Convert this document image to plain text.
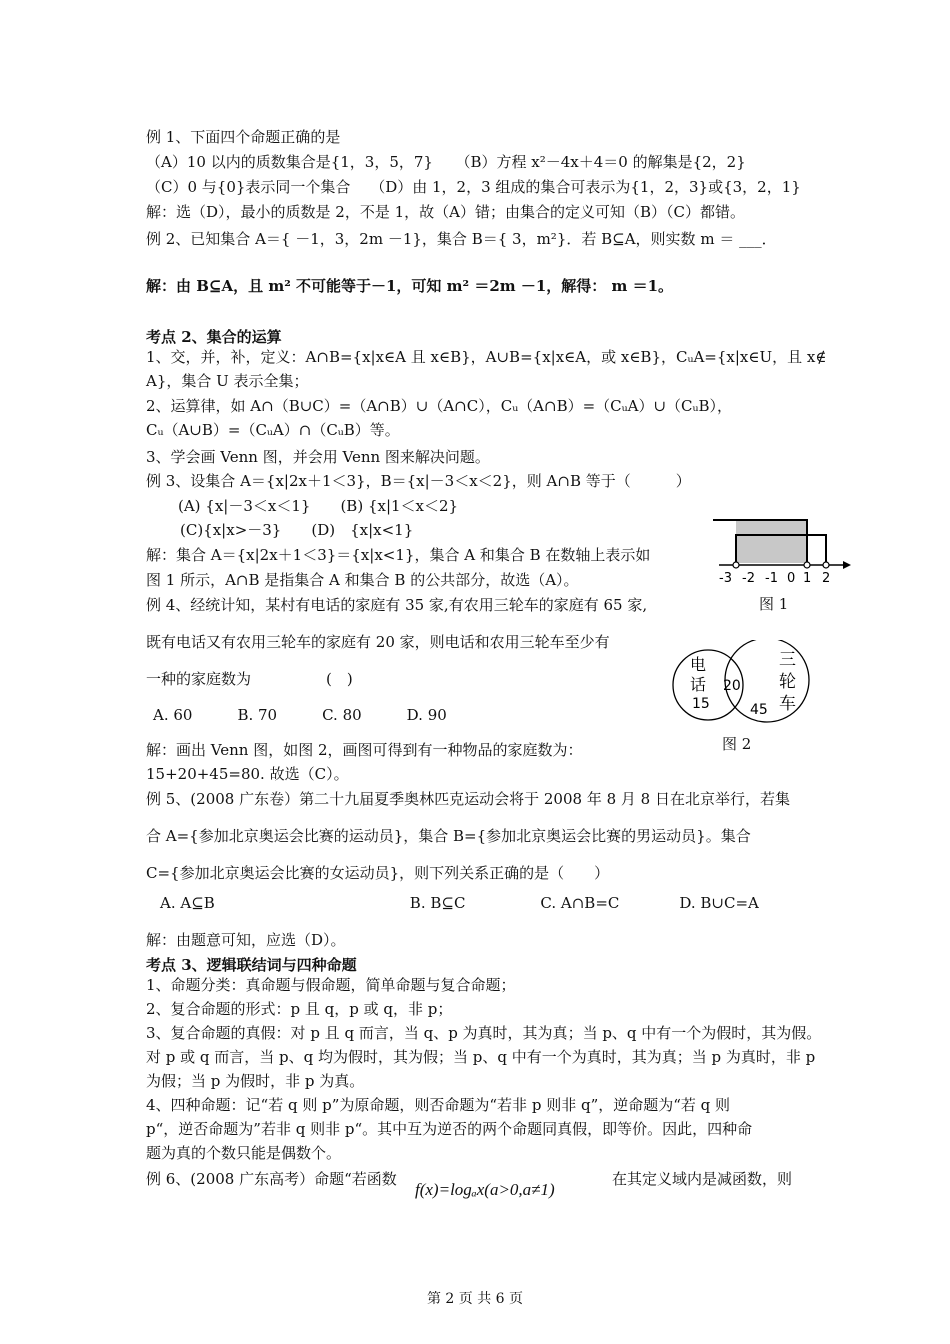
例 1、下面四个命题正确的是
（A）10 以内的质数集合是{1，3，5，7}　　（B）方程 x²－4x＋4＝0 的解集是{2，2}
（C）0 与{0}表示同一个集合　 （D）由 1，2，3 组成的集合可表示为{1，2，3}或{3，2，1}
解：选（D），最小的质数是 2，不是 1，故（A）错；由集合的定义可知（B）（C）都错。
例 2、已知集合 A＝{ －1，3，2m －1}，集合 B＝{ 3，m²}．若 B⊆A，则实数 m ＝ ___．
解：由 B⊆A，且 m² 不可能等于－1，可知 m² ＝2m －1，解得： m ＝1。
考点 2、集合的运算
1、交，并，补，定义：A∩B={x|x∈A 且 x∈B}，A∪B={x|x∈A，或 x∈B}，CᵤA={x|x∈U，且 x∉
A}，集合 U 表示全集；
2、运算律，如 A∩（B∪C）=（A∩B）∪（A∩C），Cᵤ（A∩B）=（CᵤA）∪（CᵤB），
Cᵤ（A∪B）=（CᵤA）∩（CᵤB）等。
3、学会画 Venn 图，并会用 Venn 图来解决问题。
例 3、设集合 A＝{x|2x＋1＜3}，B＝{x|－3＜x＜2}，则 A∩B 等于（　　　）
(A) {x|－3＜x＜1}　　(B) {x|1＜x＜2}
(C){x|x>－3}　　(D)　{x|x<1}
解：集合 A＝{x|2x＋1＜3}＝{x|x<1}，集合 A 和集合 B 在数轴上表示如
图 1 所示，A∩B 是指集合 A 和集合 B 的公共部分，故选（A）。
例 4、经统计知，某村有电话的家庭有 35 家,有农用三轮车的家庭有 65 家,
既有电话又有农用三轮车的家庭有 20 家，则电话和农用三轮车至少有
一种的家庭数为　　　　　(　)
A. 60　　　B. 70　　　C. 80　　　D. 90
解：画出 Venn 图，如图 2，画图可得到有一种物品的家庭数为：
15+20+45=80. 故选（C）。
例 5、(2008 广东卷）第二十九届夏季奥林匹克运动会将于 2008 年 8 月 8 日在北京举行，若集
合 A={参加北京奥运会比赛的运动员}，集合 B={参加北京奥运会比赛的男运动员}。集合
C={参加北京奥运会比赛的女运动员}，则下列关系正确的是（　　）
A. A⊆B　　　　　　　　　　　　　B. B⊆C　　　　　C. A∩B=C　　　　D. B∪C=A
解：由题意可知，应选（D）。
考点 3、逻辑联结词与四种命题
1、命题分类：真命题与假命题，简单命题与复合命题；
2、复合命题的形式：p 且 q，p 或 q，非 p；
3、复合命题的真假：对 p 且 q 而言，当 q、p 为真时，其为真；当 p、q 中有一个为假时，其为假。
对 p 或 q 而言，当 p、q 均为假时，其为假；当 p、q 中有一个为真时，其为真；当 p 为真时，非 p
为假；当 p 为假时，非 p 为真。
4、四种命题：记“若 q 则 p”为原命题，则否命题为“若非 p 则非 q”，逆命题为“若 q 则
p“，逆否命题为”若非 q 则非 p“。其中互为逆否的两个命题同真假，即等价。因此，四种命
题为真的个数只能是偶数个。
例 6、(2008 广东高考）命题“若函数
f(x)=logₐx(a>0,a≠1)
在其定义域内是减函数，则
-3 -2 -1 0 1 2
图 1
电
话
15
20
三
轮
车
45
图 2
第 2 页 共 6 页
